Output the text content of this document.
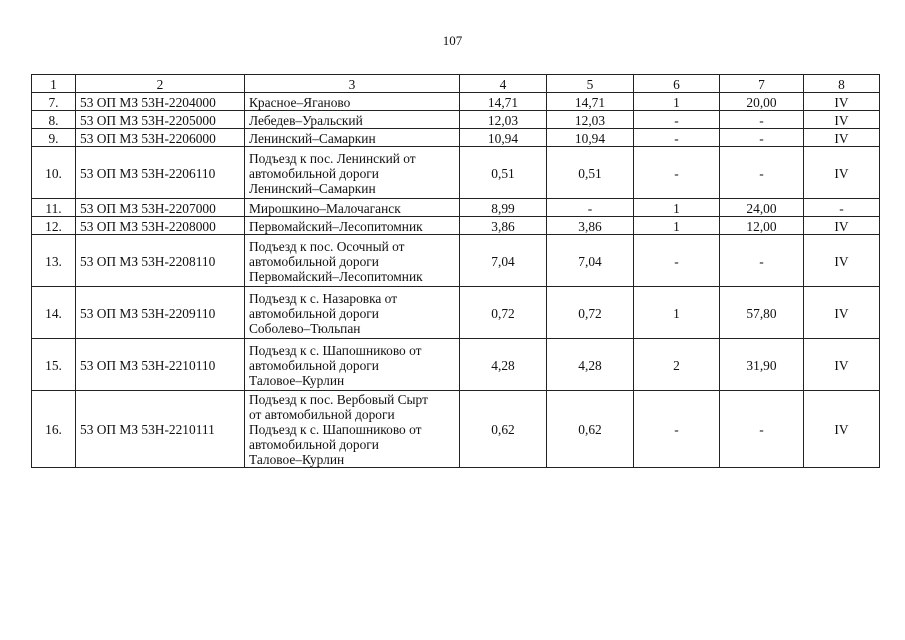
107
1	2	3	4	5	6	7	8
7.	53 ОП МЗ 53Н-2204000	Красное–Яганово	14,71	14,71	1	20,00	IV
8.	53 ОП МЗ 53Н-2205000	Лебедев–Уральский	12,03	12,03	-	-	IV
9.	53 ОП МЗ 53Н-2206000	Ленинский–Самаркин	10,94	10,94	-	-	IV
10.	53 ОП МЗ 53Н-2206110	Подъезд к пос. Ленинский от
автомобильной дороги
Ленинский–Самаркин	0,51	0,51	-	-	IV
11.	53 ОП МЗ 53Н-2207000	Мирошкино–Малочаганск	8,99	-	1	24,00	-
12.	53 ОП МЗ 53Н-2208000	Первомайский–Лесопитомник	3,86	3,86	1	12,00	IV
13.	53 ОП МЗ 53Н-2208110	Подъезд к пос. Осочный от
автомобильной дороги
Первомайский–Лесопитомник	7,04	7,04	-	-	IV
14.	53 ОП МЗ 53Н-2209110	Подъезд к с. Назаровка от
автомобильной дороги
Соболево–Тюльпан	0,72	0,72	1	57,80	IV
15.	53 ОП МЗ 53Н-2210110	Подъезд к с. Шапошниково от
автомобильной дороги
Таловое–Курлин	4,28	4,28	2	31,90	IV
16.	53 ОП МЗ 53Н-2210111	Подъезд к пос. Вербовый Сырт
от автомобильной дороги
Подъезд к с. Шапошниково от
автомобильной дороги
Таловое–Курлин	0,62	0,62	-	-	IV
